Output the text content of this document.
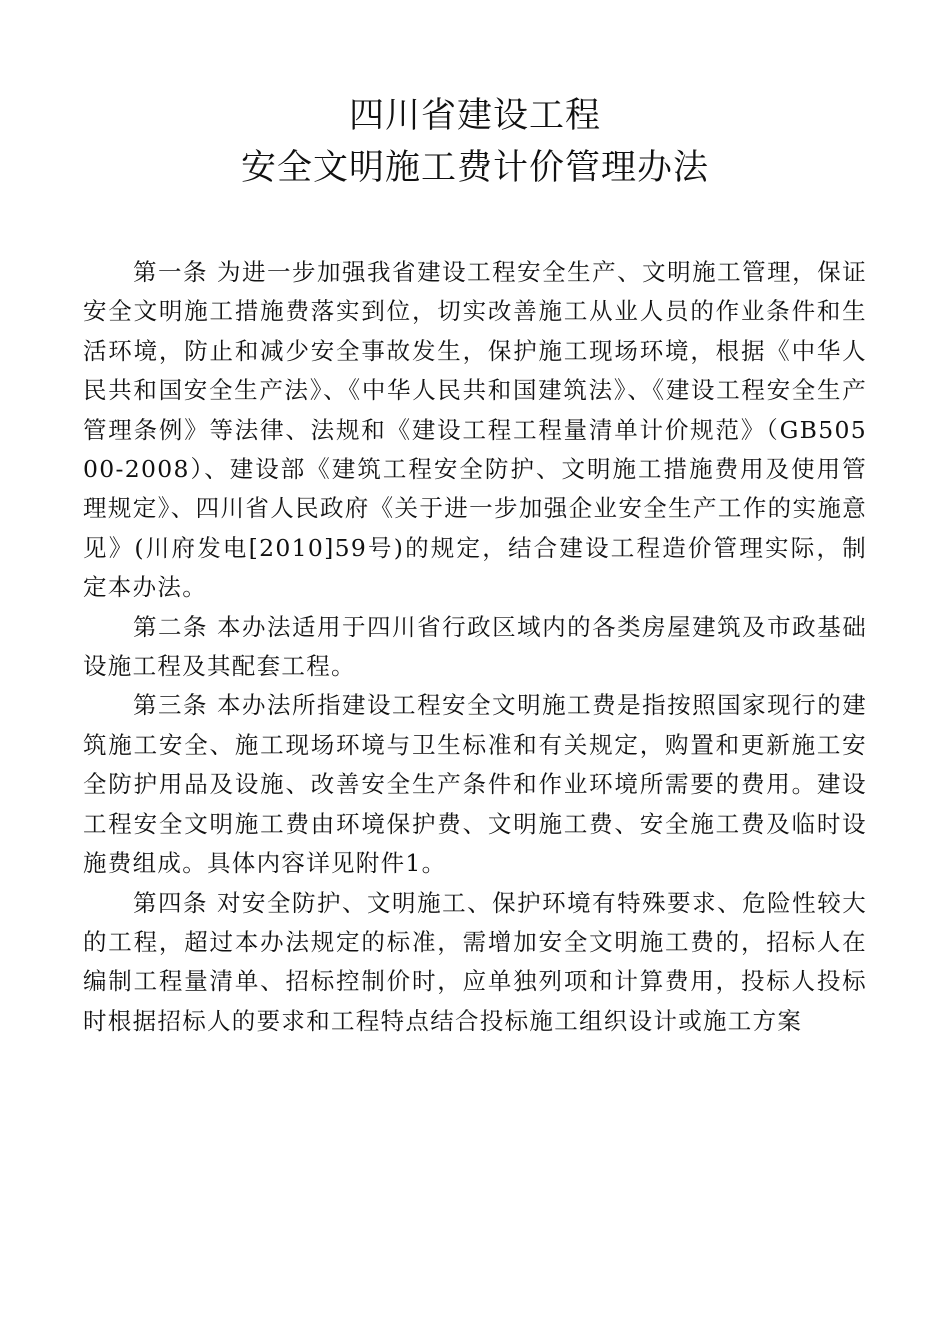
四川省建设工程
安全文明施工费计价管理办法

第一条 为进一步加强我省建设工程安全生产、文明施工管理，保证安全文明施工措施费落实到位，切实改善施工从业人员的作业条件和生活环境，防止和减少安全事故发生，保护施工现场环境，根据《中华人民共和国安全生产法》、《中华人民共和国建筑法》、《建设工程安全生产管理条例》等法律、法规和《建设工程工程量清单计价规范》（GB50500-2008）、建设部《建筑工程安全防护、文明施工措施费用及使用管理规定》、四川省人民政府《关于进一步加强企业安全生产工作的实施意见》(川府发电[2010]59号)的规定，结合建设工程造价管理实际，制定本办法。

第二条 本办法适用于四川省行政区域内的各类房屋建筑及市政基础设施工程及其配套工程。

第三条 本办法所指建设工程安全文明施工费是指按照国家现行的建筑施工安全、施工现场环境与卫生标准和有关规定，购置和更新施工安全防护用品及设施、改善安全生产条件和作业环境所需要的费用。建设工程安全文明施工费由环境保护费、文明施工费、安全施工费及临时设施费组成。具体内容详见附件1。

第四条 对安全防护、文明施工、保护环境有特殊要求、危险性较大的工程，超过本办法规定的标准，需增加安全文明施工费的，招标人在编制工程量清单、招标控制价时，应单独列项和计算费用，投标人投标时根据招标人的要求和工程特点结合投标施工组织设计或施工方案
